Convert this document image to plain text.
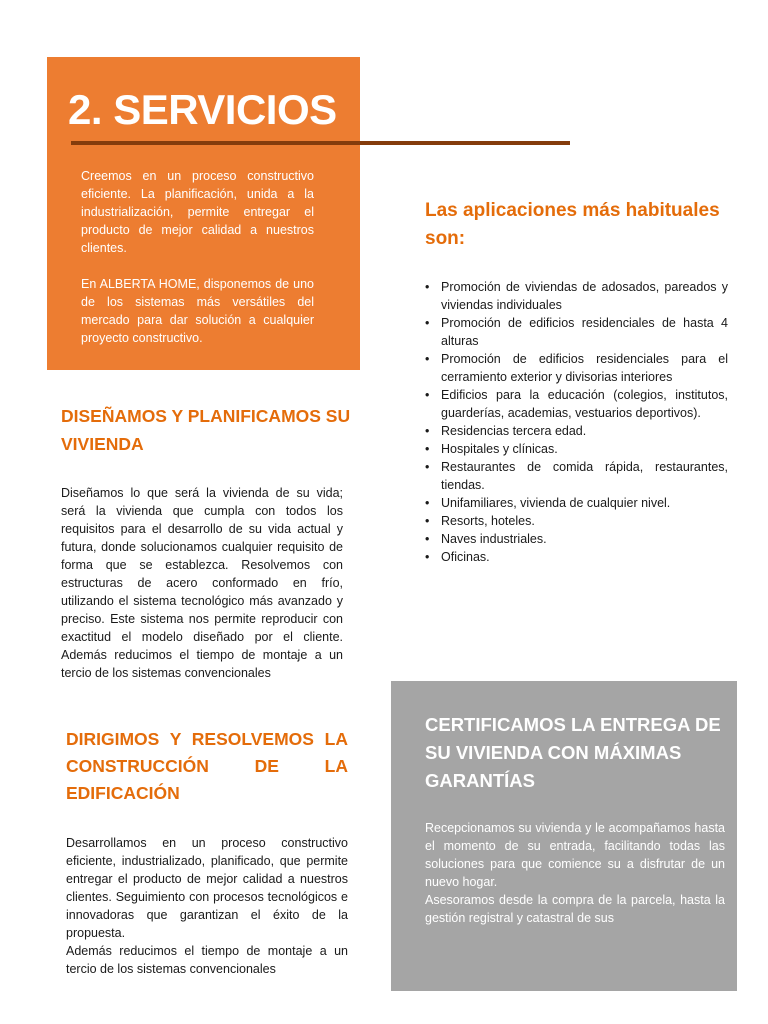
2. SERVICIOS

Creemos en un proceso constructivo eficiente. La planificación, unida a la industrialización, permite entregar el producto de mejor calidad a nuestros clientes.

En ALBERTA HOME, disponemos de uno de los sistemas más versátiles del mercado para dar solución a cualquier proyecto constructivo.

Las aplicaciones más habituales son:
• Promoción de viviendas de adosados, pareados y viviendas individuales
• Promoción de edificios residenciales de hasta 4 alturas
• Promoción de edificios residenciales para el cerramiento exterior y divisorias interiores
• Edificios para la educación (colegios, institutos, guarderías, academias, vestuarios deportivos).
• Residencias tercera edad.
• Hospitales y clínicas.
• Restaurantes de comida rápida, restaurantes, tiendas.
• Unifamiliares, vivienda de cualquier nivel.
• Resorts, hoteles.
• Naves industriales.
• Oficinas.
DISEÑAMOS Y PLANIFICAMOS SU VIVIENDA

Diseñamos lo que será la vivienda de su vida; será la vivienda que cumpla con todos los requisitos para el desarrollo de su vida actual y futura, donde solucionamos cualquier requisito de forma que se establezca. Resolvemos con estructuras de acero conformado en frío, utilizando el sistema tecnológico más avanzado y preciso. Este sistema nos permite reproducir con exactitud el modelo diseñado por el cliente. Además reducimos el tiempo de montaje a un tercio de los sistemas convencionales

DIRIGIMOS Y RESOLVEMOS LA CONSTRUCCIÓN DE LA EDIFICACIÓN

Desarrollamos en un proceso constructivo eficiente, industrializado, planificado, que permite entregar el producto de mejor calidad a nuestros clientes. Seguimiento con procesos tecnológicos e innovadoras que garantizan el éxito de la propuesta.

Además reducimos el tiempo de montaje a un tercio de los sistemas convencionales

CERTIFICAMOS LA ENTREGA DE SU VIVIENDA CON MÁXIMAS GARANTÍAS

Recepcionamos su vivienda y le acompañamos hasta el momento de su entrada, facilitando todas las soluciones para que comience su a disfrutar de un nuevo hogar.

Asesoramos desde la compra de la parcela, hasta la gestión registral y catastral de sus
